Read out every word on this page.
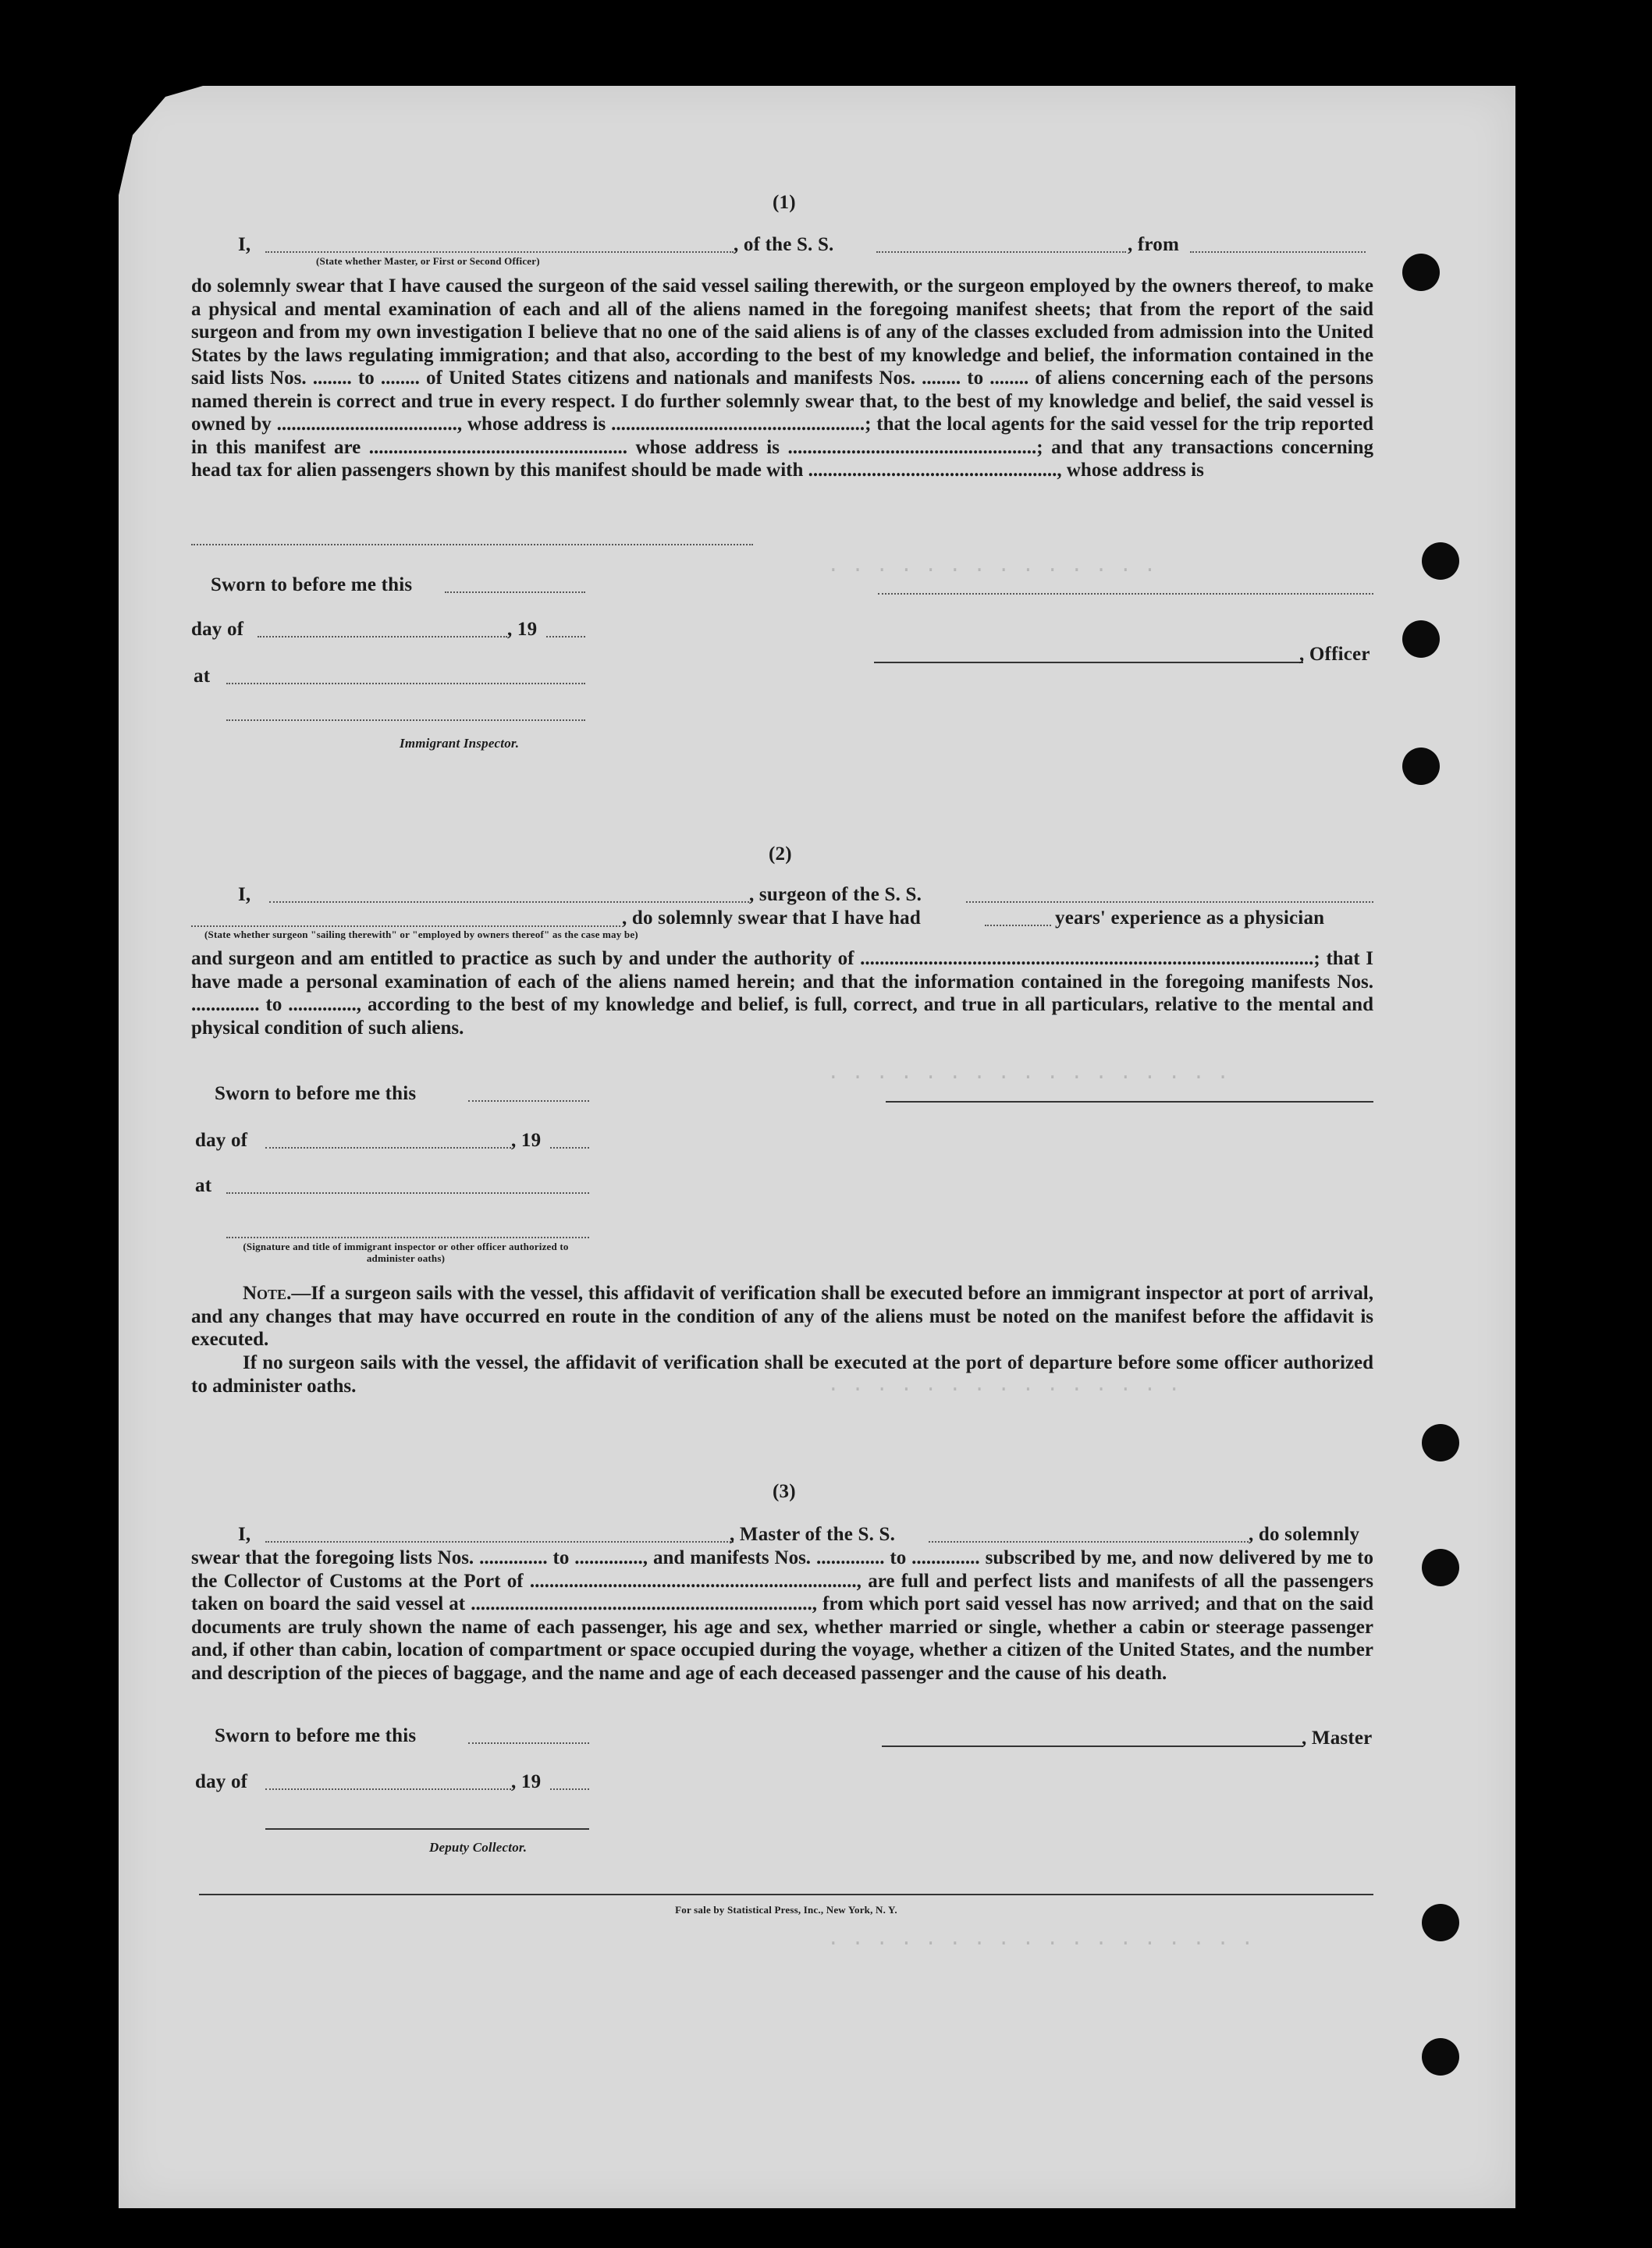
. . . . . . . . . . . . . .
. . . . . . . . . . . . . . . . .
. . . . . . . . . . . . . . .
. . . . . . . . . . . . . . . . . .
(1)
I,	, of the S. S.	, from
(State whether Master, or First or Second Officer)
do solemnly swear that I have caused the surgeon of the said vessel sailing therewith, or the surgeon employed by the owners thereof, to make a physical and mental examination of each and all of the aliens named in the foregoing manifest sheets; that from the report of the said surgeon and from my own investigation I believe that no one of the said aliens is of any of the classes excluded from admission into the United States by the laws regulating immigration; and that also, according to the best of my knowledge and belief, the information contained in the said lists Nos. ........ to ........ of United States citizens and nationals and manifests Nos. ........ to ........ of aliens concerning each of the persons named therein is correct and true in every respect. I do further solemnly swear that, to the best of my knowledge and belief, the said vessel is owned by ....................................., whose address is ....................................................; that the local agents for the said vessel for the trip reported in this manifest are ..................................................... whose address is ...................................................; and that any transactions concerning head tax for alien passengers shown by this manifest should be made with ..................................................., whose address is
Sworn to before me this
day of	, 19
, Officer
at
Immigrant Inspector.
(2)
I,	, surgeon of the S. S.
, do solemnly swear that I have had	years' experience as a physician
(State whether surgeon "sailing therewith" or "employed by owners thereof" as the case may be)
and surgeon and am entitled to practice as such by and under the authority of .............................................................................................; that I have made a personal examination of each of the aliens named herein; and that the information contained in the foregoing manifests Nos. .............. to .............., according to the best of my knowledge and belief, is full, correct, and true in all particulars, relative to the mental and physical condition of such aliens.
Sworn to before me this
day of	, 19
at
(Signature and title of immigrant inspector or other officer authorized to administer oaths)
Note.—If a surgeon sails with the vessel, this affidavit of verification shall be executed before an immigrant inspector at port of arrival, and any changes that may have occurred en route in the condition of any of the aliens must be noted on the manifest before the affidavit is executed.
If no surgeon sails with the vessel, the affidavit of verification shall be executed at the port of departure before some officer authorized to administer oaths.
(3)
I,	, Master of the S. S.	, do solemnly
swear that the foregoing lists Nos. .............. to .............., and manifests Nos. .............. to .............. subscribed by me, and now delivered by me to the Collector of Customs at the Port of ..................................................................., are full and perfect lists and manifests of all the passengers taken on board the said vessel at ......................................................................, from which port said vessel has now arrived; and that on the said documents are truly shown the name of each passenger, his age and sex, whether married or single, whether a cabin or steerage passenger and, if other than cabin, location of compartment or space occupied during the voyage, whether a citizen of the United States, and the number and description of the pieces of baggage, and the name and age of each deceased passenger and the cause of his death.
Sworn to before me this	, Master
day of	, 19
Deputy Collector.
For sale by Statistical Press, Inc., New York, N. Y.
